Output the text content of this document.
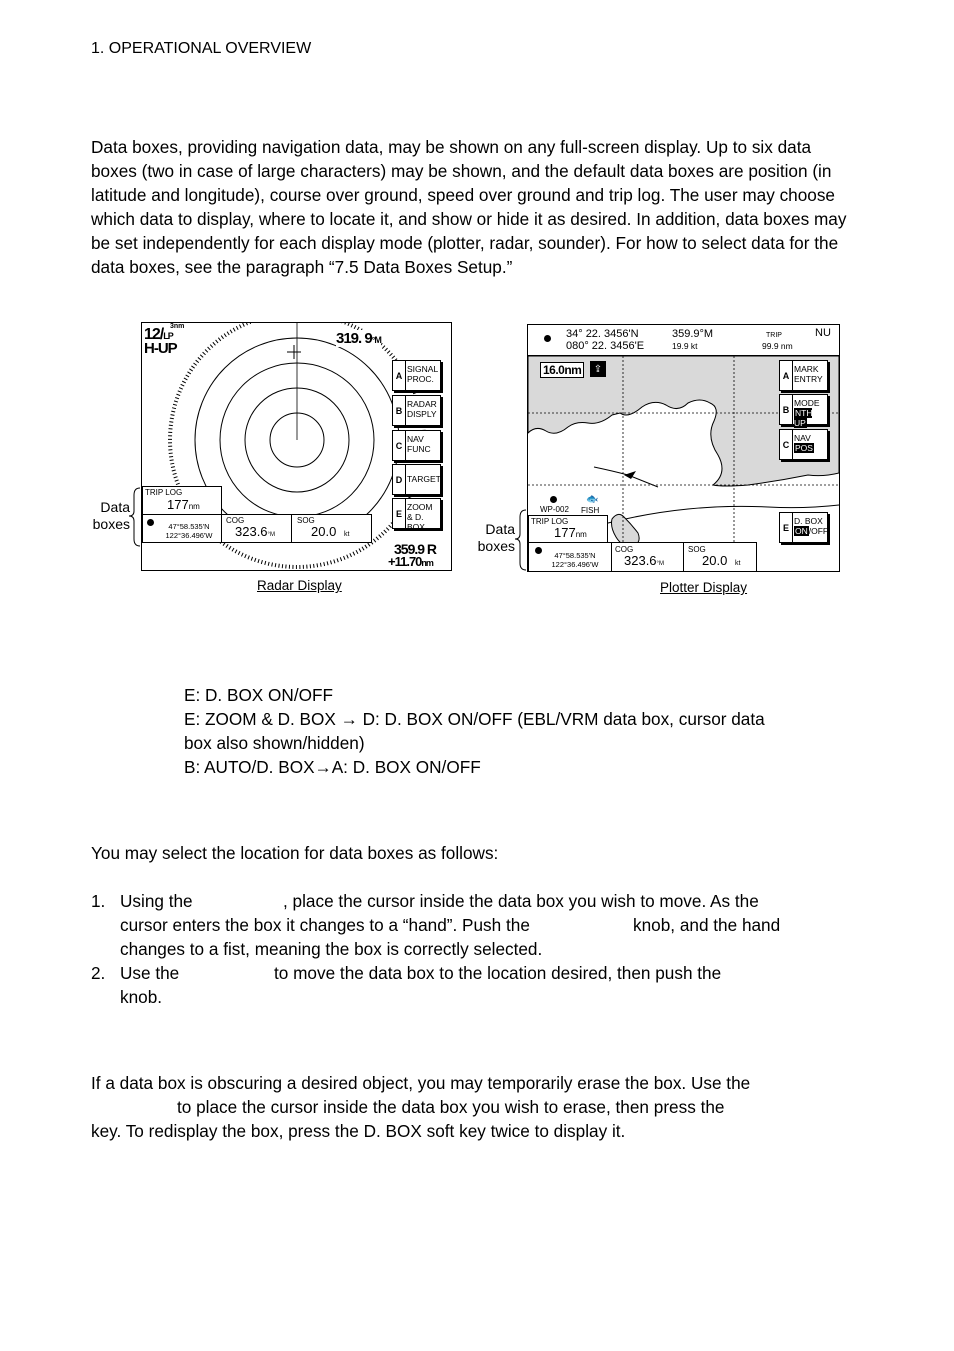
1. OPERATIONAL OVERVIEW

Data boxes, providing navigation data, may be shown on any full-screen display. Up to six data boxes (two in case of large characters) may be shown, and the default data boxes are position (in latitude and longitude), course over ground, speed over ground and trip log. The user may choose which data to display, where to locate it, and show or hide it as desired. In addition, data boxes may be set independently for each display mode (plotter, radar, sounder). For how to select data for the data boxes, see the paragraph “7.5 Data Boxes Setup.”

Data boxes
12/LP
3nm
H-UP
319. 9°M
A
SIGNAL PROC.
B
RADAR DISPLY
C
NAV FUNC
D TARGET
E
ZOOM & D. BOX
TRIP LOG
177nm
47°58.535'N
122°36.496'W
COG
323.6°M
SOG
20.0 kt
359.9 R
+11.70nm
Radar Display
Data boxes
34° 22. 3456'N
080° 22. 3456'E
359.9°M
19.9 kt
TRIP
99.9 nm
NU
16.0nm	⇪
A
MARK ENTRY
B
MODE
NTH UP
C
NAV
POS
E
D. BOX
ON/OFF
WP-002
🐟
FISH
TRIP LOG
177nm
47°58.535'N
122°36.496'W
COG
323.6°M
SOG
20.0 kt
Plotter Display
E: D. BOX ON/OFF
E: ZOOM & D. BOX → D: D. BOX ON/OFF (EBL/VRM data box, cursor data
box also shown/hidden)
B: AUTO/D. BOX→A: D. BOX ON/OFF
You may select the location for data boxes as follows:
1. Using the	, place the cursor inside the data box you wish to move. As the
cursor enters the box it changes to a “hand”. Push the	knob, and the hand
changes to a fist, meaning the box is correctly selected.
2. Use the	to move the data box to the location desired, then push the
knob.
If a data box is obscuring a desired object, you may temporarily erase the box. Use the
to place the cursor inside the data box you wish to erase, then press the
key. To redisplay the box, press the D. BOX soft key twice to display it.
